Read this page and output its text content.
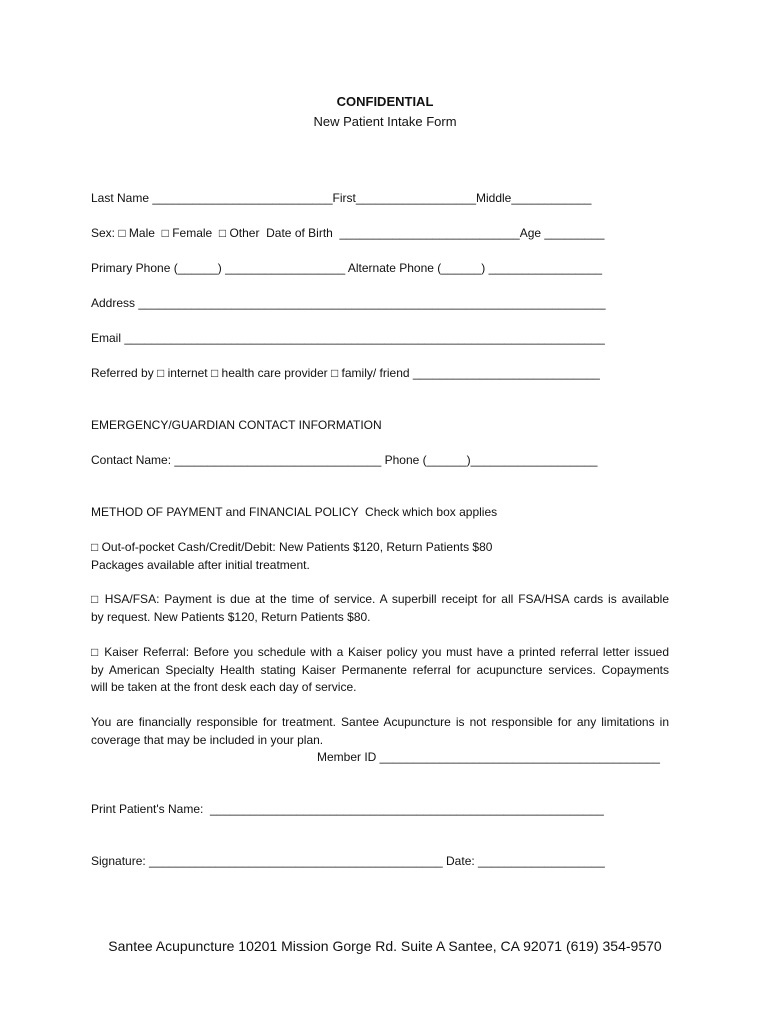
CONFIDENTIAL
New Patient Intake Form
Last Name ___________________________First__________________Middle____________
Sex: □ Male  □ Female  □ Other  Date of Birth  ___________________________Age _________
Primary Phone (______) __________________ Alternate Phone (______) _________________
Address ______________________________________________________________________
Email ________________________________________________________________________
Referred by □ internet □ health care provider □ family/ friend ____________________________
EMERGENCY/GUARDIAN CONTACT INFORMATION
Contact Name: _______________________________ Phone (______)___________________
METHOD OF PAYMENT and FINANCIAL POLICY  Check which box applies
□ Out-of-pocket Cash/Credit/Debit: New Patients $120, Return Patients $80
Packages available after initial treatment.
□ HSA/FSA: Payment is due at the time of service. A superbill receipt for all FSA/HSA cards is available
by request. New Patients $120, Return Patients $80.
□ Kaiser Referral: Before you schedule with a Kaiser policy you must have a printed referral letter issued
by American Specialty Health stating Kaiser Permanente referral for acupuncture services. Copayments
will be taken at the front desk each day of service.
You are financially responsible for treatment. Santee Acupuncture is not responsible for any limitations in
coverage that may be included in your plan.
Member ID __________________________________________
Print Patient's Name:  ___________________________________________________________
Signature: ____________________________________________ Date: ___________________
Santee Acupuncture 10201 Mission Gorge Rd. Suite A Santee, CA 92071 (619) 354-9570
